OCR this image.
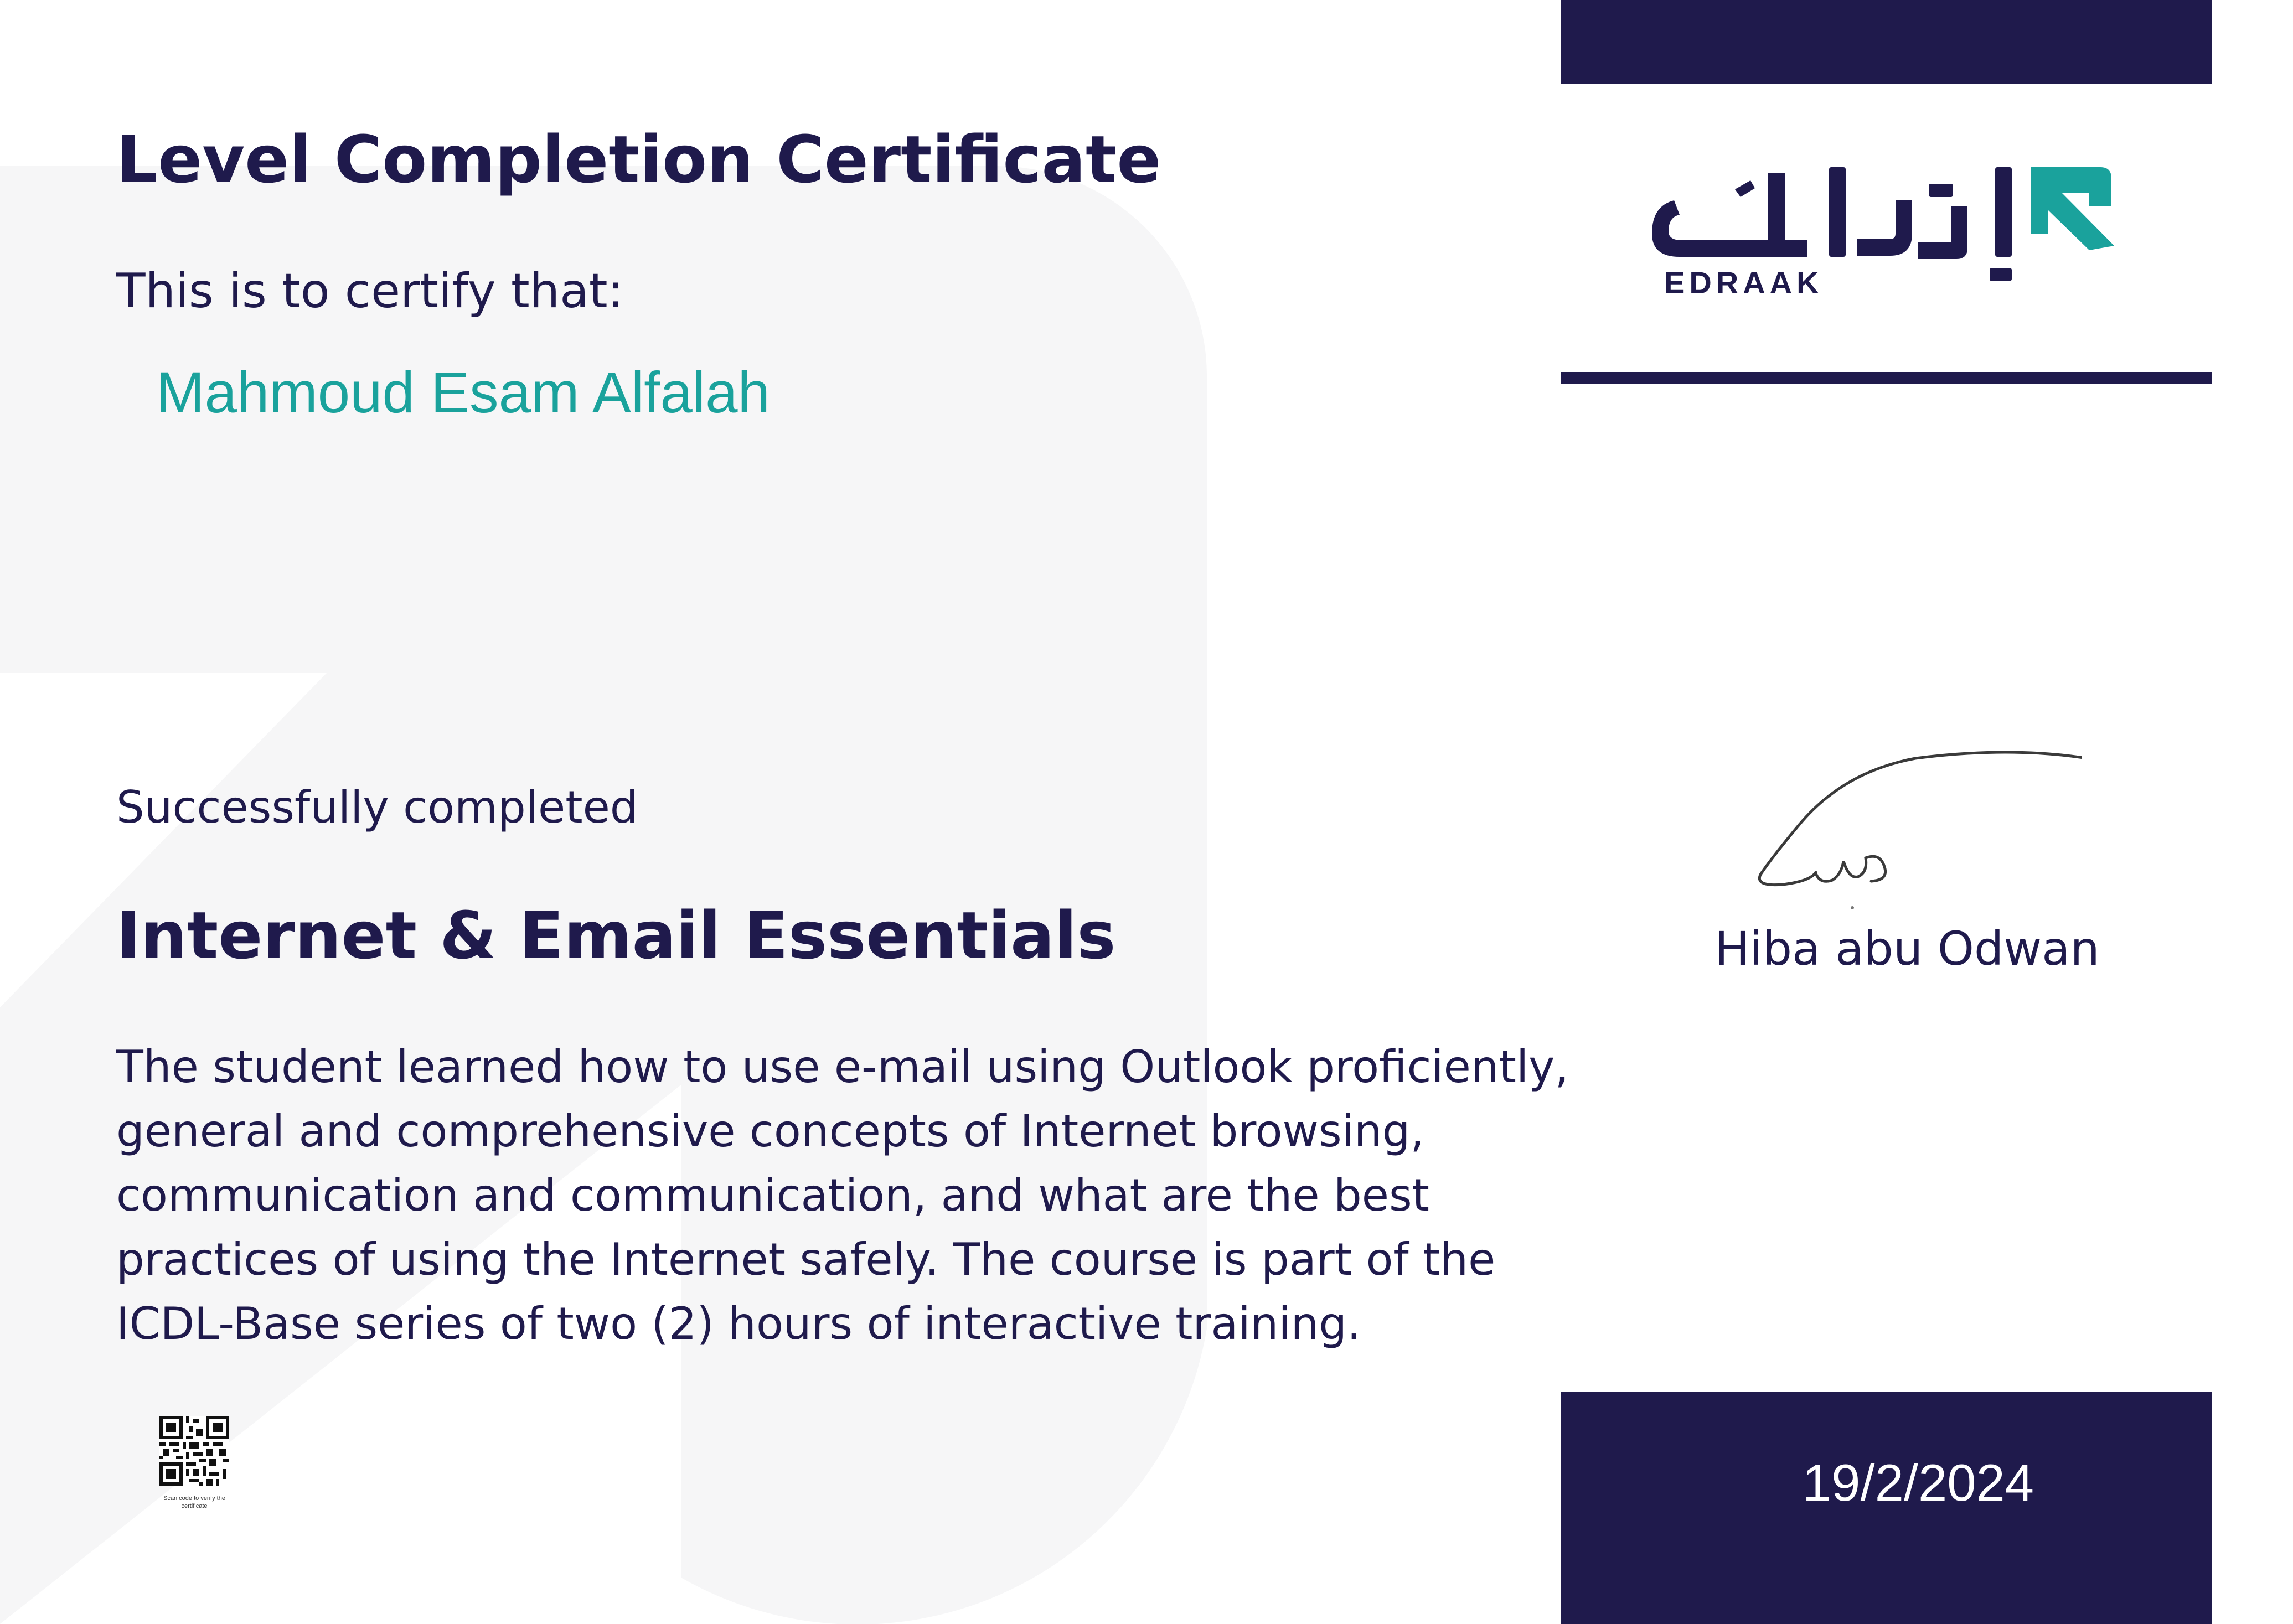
Level Completion Certificate

This is to certify that:

Mahmoud Esam Alfalah

Successfully completed

Internet & Email Essentials

The student learned how to use e-mail using Outlook proficiently, general and comprehensive concepts of Internet browsing, communication and communication, and what are the best practices of using the Internet safely. The course is part of the ICDL-Base series of two (2) hours of interactive training.

Scan code to verify the certificate

EDRAAK

Hiba abu Odwan

19/2/2024
